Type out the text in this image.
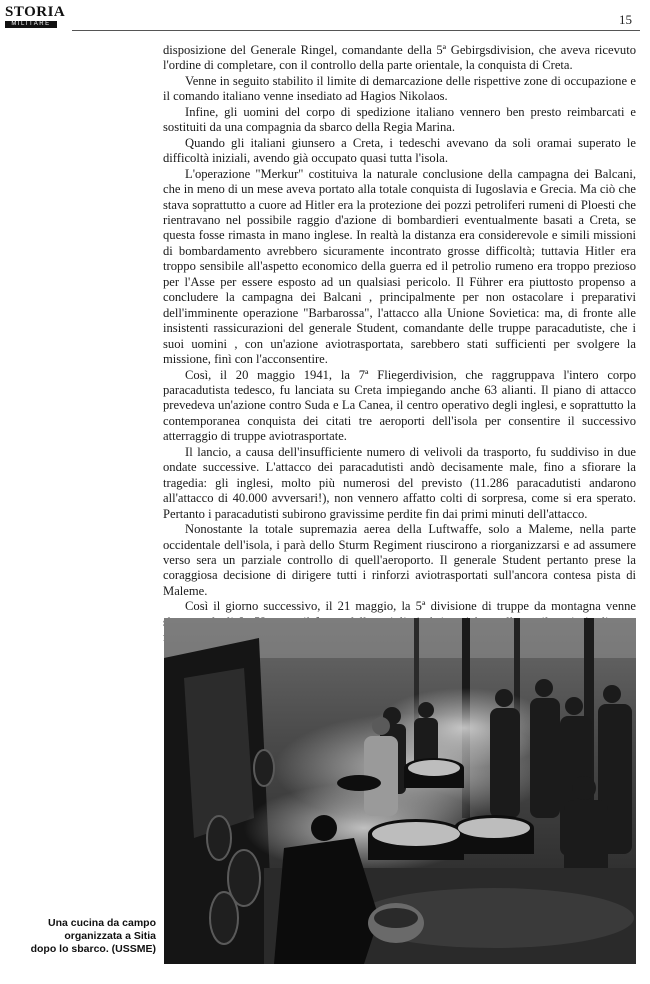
STORIA
MILITARE	15

disposizione del Generale Ringel, comandante della 5ª Gebirgsdivision, che aveva ricevuto l'ordine di completare, con il controllo della parte orientale, la conquista di Creta.

Venne in seguito stabilito il limite di demarcazione delle rispettive zone di occupazione e il comando italiano venne insediato ad Hagios Nikolaos.

Infine, gli uomini del corpo di spedizione italiano vennero ben presto reimbarcati e sostituiti da una compagnia da sbarco della Regia Marina.

Quando gli italiani giunsero a Creta, i tedeschi avevano da soli oramai superato le difficoltà iniziali, avendo già occupato quasi tutta l'isola.

L'operazione "Merkur" costituiva la naturale conclusione della campagna dei Balcani, che in meno di un mese aveva portato alla totale conquista di Iugoslavia e Grecia. Ma ciò che stava soprattutto a cuore ad Hitler era la protezione dei pozzi petroliferi rumeni di Ploesti che rientravano nel possibile raggio d'azione di bombardieri eventualmente basati a Creta, se questa fosse rimasta in mano inglese. In realtà la distanza era considerevole e simili missioni di bombardamento avrebbero sicuramente incontrato grosse difficoltà; tuttavia Hitler era troppo sensibile all'aspetto economico della guerra ed il petrolio rumeno era troppo prezioso per l'Asse per essere esposto ad un qualsiasi pericolo. Il Führer era piuttosto propenso a concludere la campagna dei Balcani , principalmente per non ostacolare i preparativi dell'imminente operazione "Barbarossa", l'attacco alla Unione Sovietica: ma, di fronte alle insistenti rassicurazioni del generale Student, comandante delle truppe paracadutiste, che i suoi uomini , con un'azione aviotrasportata, sarebbero stati sufficienti per svolgere la missione, finì con l'acconsentire.

Così, il 20 maggio 1941, la 7ª Fliegerdivision, che raggruppava l'intero corpo paracadutista tedesco, fu lanciata su Creta impiegando anche 63 alianti. Il piano di attacco prevedeva un'azione contro Suda e La Canea, il centro operativo degli inglesi, e soprattutto la contemporanea conquista dei citati tre aeroporti dell'isola per consentire il successivo atterraggio di truppe aviotrasportate.

Il lancio, a causa dell'insufficiente numero di velivoli da trasporto, fu suddiviso in due ondate successive. L'attacco dei paracadutisti andò decisamente male, fino a sfiorare la tragedia: gli inglesi, molto più numerosi del previsto (11.286 paracadutisti andarono all'attacco di 40.000 avversari!), non vennero affatto colti di sorpresa, come si era sperato. Pertanto i paracadutisti subirono gravissime perdite fin dai primi minuti dell'attacco.

Nonostante la totale supremazia aerea della Luftwaffe, solo a Maleme, nella parte occidentale dell'isola, i parà dello Sturm Regiment riuscirono a riorganizzarsi e ad assumere verso sera un parziale controllo di quell'aeroporto. Il generale Student pertanto prese la coraggiosa decisione di dirigere tutti i rinforzi aviotrasportati sull'ancora contesa pista di Maleme.

Così il giorno successivo, il 21 maggio, la 5ª divisione di truppe da montagna venne

Una cucina da campo
organizzata a Sitia
dopo lo sbarco. (USSME)
